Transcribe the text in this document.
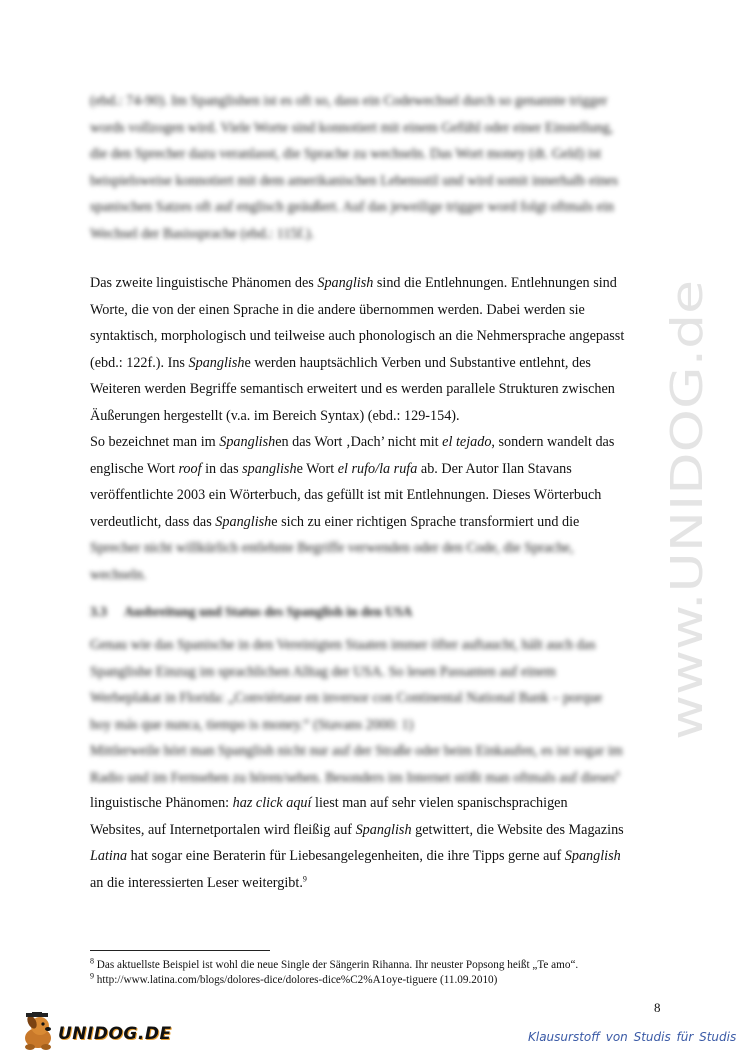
(ebd.: 74-90). Im Spanglishen ist es oft so, dass ein Codewechsel durch so genannte trigger
words vollzogen wird. Viele Worte sind konnotiert mit einem Gefühl oder einer Einstellung,
die den Sprecher dazu veranlasst, die Sprache zu wechseln. Das Wort money (dt. Geld) ist
beispielsweise konnotiert mit dem amerikanischen Lebensstil und wird somit innerhalb eines
spanischen Satzes oft auf englisch geäußert. Auf das jeweilige trigger word folgt oftmals ein
Wechsel der Basissprache (ebd.: 115f.).
Das zweite linguistische Phänomen des Spanglish sind die Entlehnungen. Entlehnungen sind
Worte, die von der einen Sprache in die andere übernommen werden. Dabei werden sie
syntaktisch, morphologisch und teilweise auch phonologisch an die Nehmersprache angepasst
(ebd.: 122f.). Ins Spanglishe werden hauptsächlich Verben und Substantive entlehnt, des
Weiteren werden Begriffe semantisch erweitert und es werden parallele Strukturen zwischen
Äußerungen hergestellt (v.a. im Bereich Syntax) (ebd.: 129-154).
So bezeichnet man im Spanglishen das Wort ‚Dach’ nicht mit el tejado, sondern wandelt das
englische Wort roof in das spanglishe Wort el rufo/la rufa ab. Der Autor Ilan Stavans
veröffentlichte 2003 ein Wörterbuch, das gefüllt ist mit Entlehnungen. Dieses Wörterbuch
verdeutlicht, dass das Spanglishe sich zu einer richtigen Sprache transformiert und die
Sprecher nicht willkürlich entlehnte Begriffe verwenden oder den Code, die Sprache,
wechseln.
3.3 Ausbreitung und Status des Spanglish in den USA
Genau wie das Spanische in den Vereinigten Staaten immer öfter auftaucht, hält auch das
Spanglishe Einzug im sprachlichen Alltag der USA. So lesen Passanten auf einem
Werbeplakat in Florida: „Conviértase en inversor con Continental National Bank – porque
hoy más que nunca, tiempo is money.“ (Stavans 2000: 1)
Mittlerweile hört man Spanglish nicht nur auf der Straße oder beim Einkaufen, es ist sogar im
Radio und im Fernsehen zu hören/sehen. Besonders im Internet stößt man oftmals auf dieses$^8$
linguistische Phänomen: haz click aquí liest man auf sehr vielen spanischsprachigen
Websites, auf Internetportalen wird fleißig auf Spanglish getwittert, die Website des Magazins
Latina hat sogar eine Beraterin für Liebesangelegenheiten, die ihre Tipps gerne auf Spanglish
an die interessierten Leser weitergibt.$^9$
$^8$ Das aktuellste Beispiel ist wohl die neue Single der Sängerin Rihanna. Ihr neuster Popsong heißt „Te amo“.
$^9$ http://www.latina.com/blogs/dolores-dice/dolores-dice%C2%A1oye-tiguere (11.09.2010)
8
www.UNIDOG.de
UNIDOG.DE	Klausurstoff von Studis für Studis
